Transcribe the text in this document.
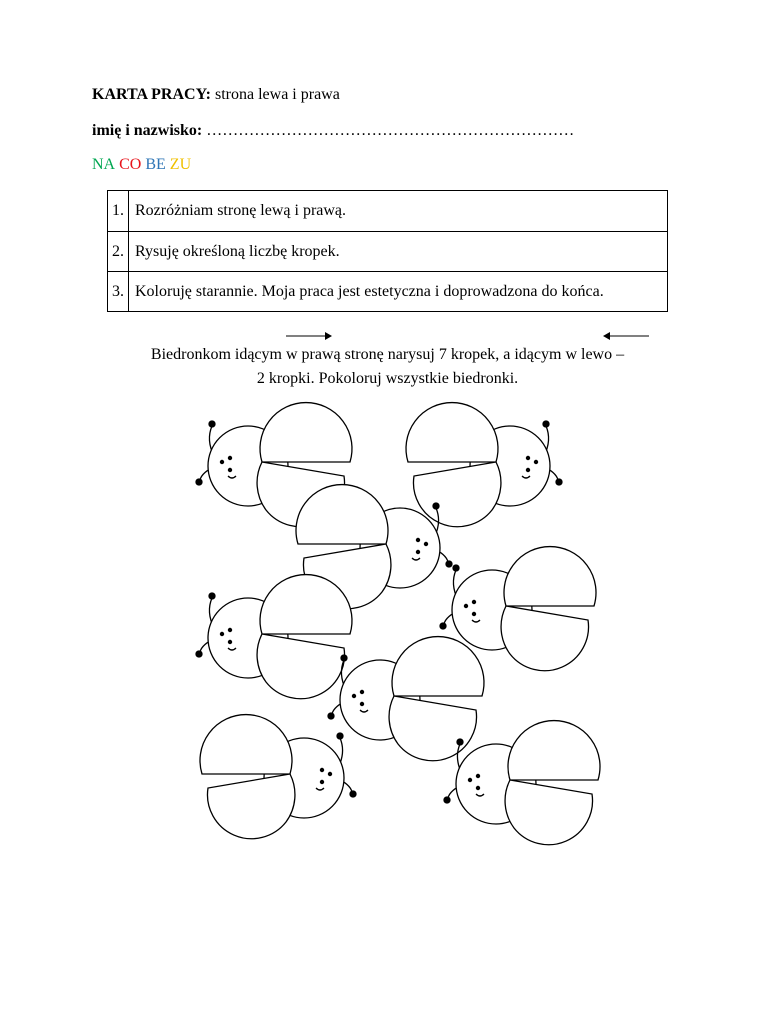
KARTA PRACY: strona lewa i prawa
imię i nazwisko: ……………………………………………………………
NA CO BE ZU
1.	Rozróżniam stronę lewą i prawą.
2.	Rysuję określoną liczbę kropek.
3.	Koloruję starannie. Moja praca jest estetyczna i doprowadzona do końca.
Biedronkom idącym w prawą stronę narysuj 7 kropek, a idącym w lewo –
2 kropki. Pokoloruj wszystkie biedronki.
